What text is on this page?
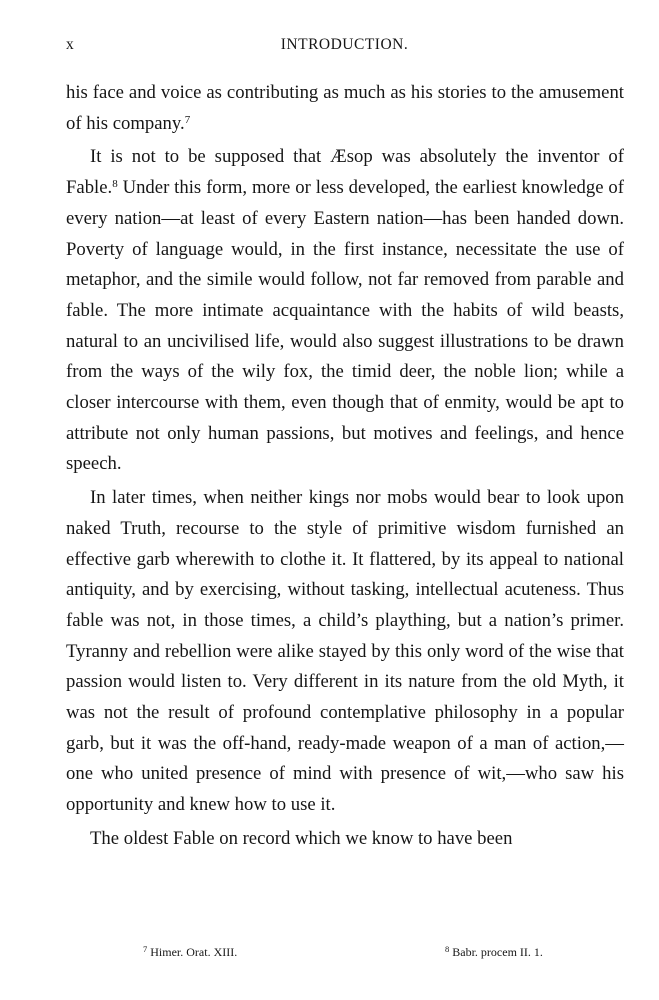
x	INTRODUCTION.

his face and voice as contributing as much as his stories to the amusement of his company.$^7$

It is not to be supposed that Æsop was absolutely the inventor of Fable.$^8$ Under this form, more or less developed, the earliest knowledge of every nation—at least of every Eastern nation—has been handed down. Poverty of language would, in the first instance, necessitate the use of metaphor, and the simile would follow, not far removed from parable and fable. The more intimate acquaintance with the habits of wild beasts, natural to an uncivilised life, would also suggest illustrations to be drawn from the ways of the wily fox, the timid deer, the noble lion; while a closer intercourse with them, even though that of enmity, would be apt to attribute not only human passions, but motives and feelings, and hence speech.

In later times, when neither kings nor mobs would bear to look upon naked Truth, recourse to the style of primitive wisdom furnished an effective garb wherewith to clothe it. It flattered, by its appeal to national antiquity, and by exercising, without tasking, intellectual acuteness. Thus fable was not, in those times, a child’s plaything, but a nation’s primer. Tyranny and rebellion were alike stayed by this only word of the wise that passion would listen to. Very different in its nature from the old Myth, it was not the result of profound contemplative philosophy in a popular garb, but it was the off-hand, ready-made weapon of a man of action,—one who united presence of mind with presence of wit,—who saw his opportunity and knew how to use it.

The oldest Fable on record which we know to have been

$^7$ Himer. Orat. XIII.	$^8$ Babr. procem II. 1.
